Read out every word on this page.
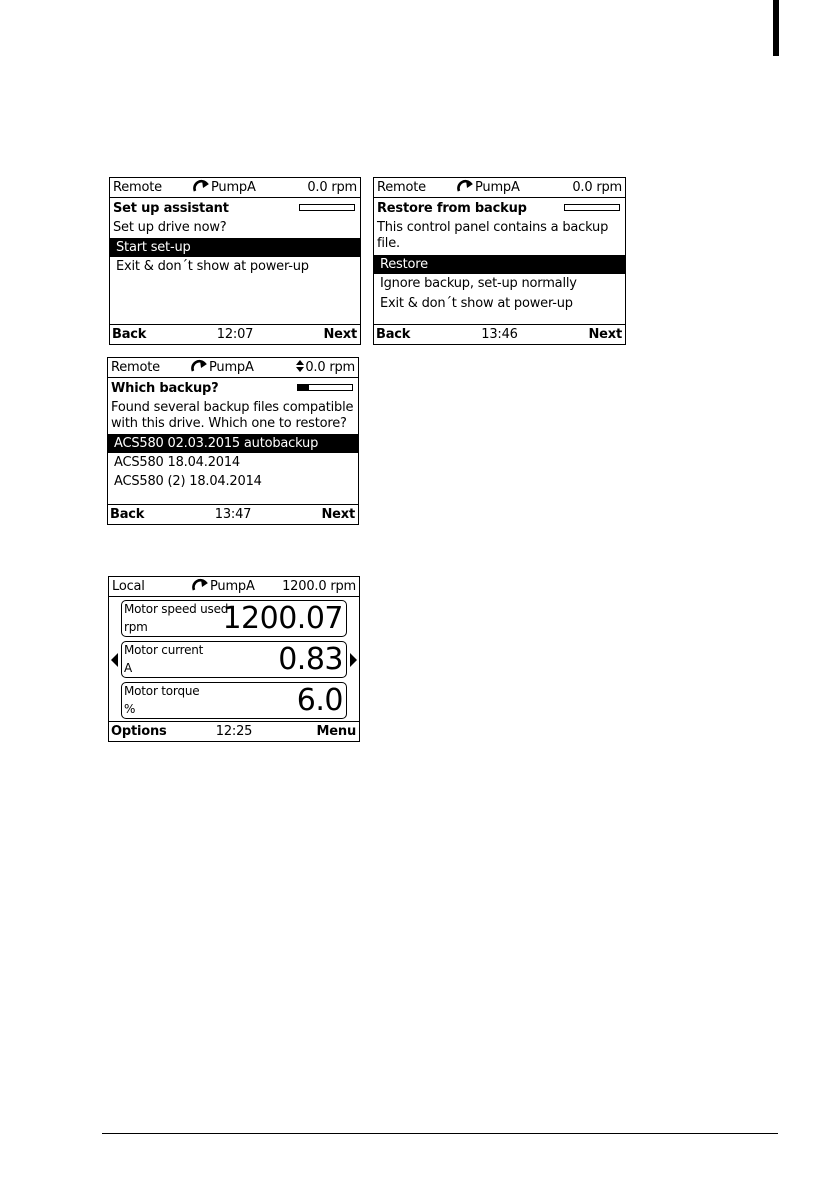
Remote	PumpA	0.0 rpm
Set up assistant
Set up drive now?
Start set-up
Exit & don´t show at power-up
Back	12:07	Next
Remote	PumpA	0.0 rpm
Restore from backup
This control panel contains a backup
file.
Restore
Ignore backup, set-up normally
Exit & don´t show at power-up
Back	13:46	Next
Remote	PumpA	0.0 rpm
Which backup?
Found several backup files compatible
with this drive. Which one to restore?
ACS580 02.03.2015 autobackup
ACS580 18.04.2014
ACS580 (2) 18.04.2014
Back	13:47	Next
Local	PumpA 1200.0 rpm
Motor speed used
rpm 1200.07
Motor current
A	0.83
Motor torque
%	6.0
Options	12:25	Menu
